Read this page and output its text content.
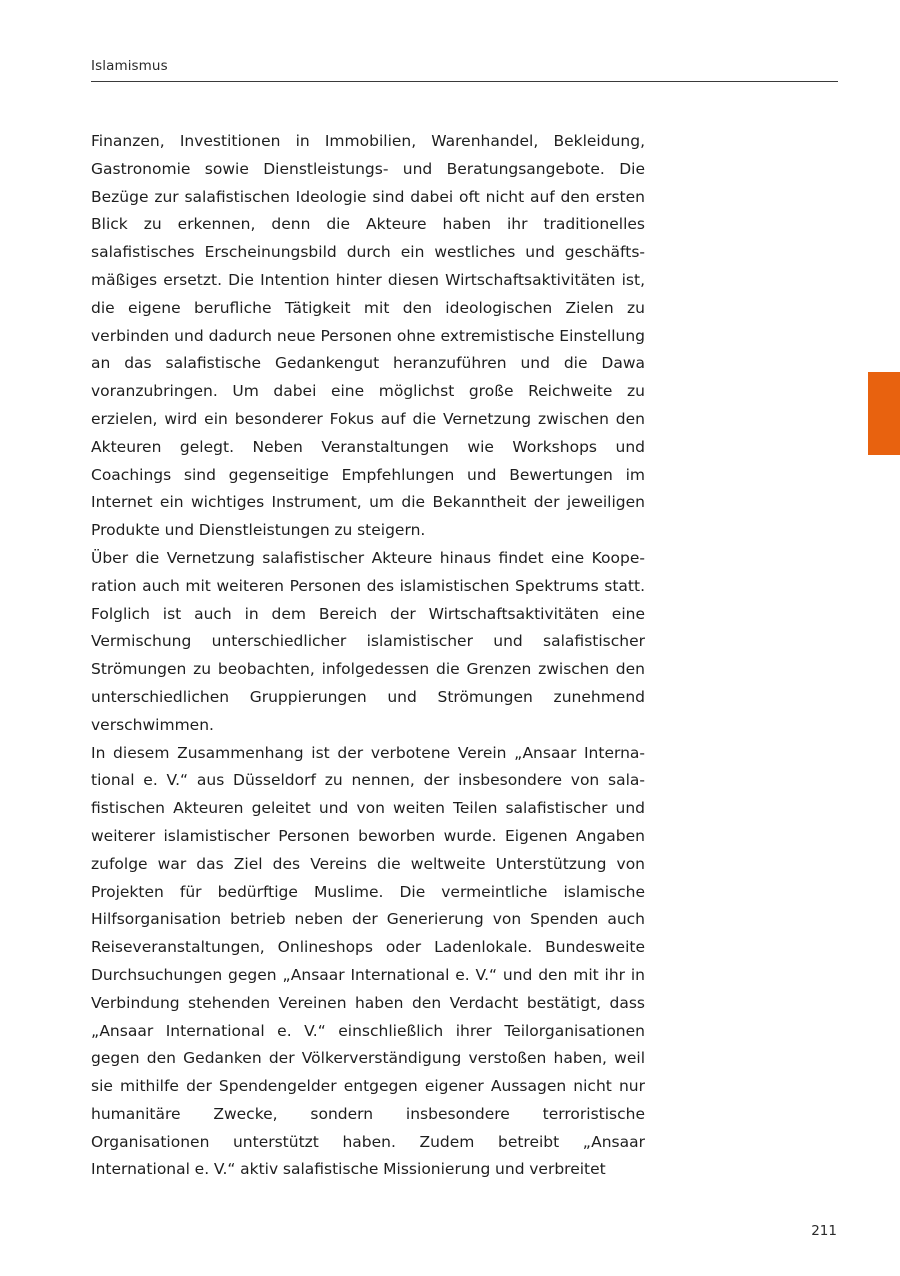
Islamismus

Finanzen, Investitionen in Immobilien, Warenhandel, Bekleidung, Gastronomie sowie Dienstleistungs- und Beratungsangebote. Die Bezüge zur salafistischen Ideologie sind dabei oft nicht auf den ersten Blick zu erkennen, denn die Akteure haben ihr traditionelles salafistisches Erscheinungsbild durch ein westliches und geschäftsmäßiges ersetzt. Die Intention hinter diesen Wirtschaftsaktivitäten ist, die eigene berufliche Tätigkeit mit den ideologischen Zielen zu verbinden und dadurch neue Personen ohne extremistische Einstellung an das salafistische Gedankengut heranzuführen und die Dawa voranzubringen. Um dabei eine möglichst große Reichweite zu erzielen, wird ein besonderer Fokus auf die Vernetzung zwischen den Akteuren gelegt. Neben Veranstaltungen wie Workshops und Coachings sind gegenseitige Empfehlungen und Bewertungen im Internet ein wichtiges Instrument, um die Bekanntheit der jeweiligen Produkte und Dienstleistungen zu steigern.

Über die Vernetzung salafistischer Akteure hinaus findet eine Kooperation auch mit weiteren Personen des islamistischen Spektrums statt. Folglich ist auch in dem Bereich der Wirtschaftsaktivitäten eine Vermischung unterschiedlicher islamistischer und salafistischer Strömungen zu beobachten, infolgedessen die Grenzen zwischen den unterschiedlichen Gruppierungen und Strömungen zunehmend verschwimmen.

In diesem Zusammenhang ist der verbotene Verein „Ansaar International e. V.“ aus Düsseldorf zu nennen, der insbesondere von salafistischen Akteuren geleitet und von weiten Teilen salafistischer und weiterer islamistischer Personen beworben wurde. Eigenen Angaben zufolge war das Ziel des Vereins die weltweite Unterstützung von Projekten für bedürftige Muslime. Die vermeintliche islamische Hilfsorganisation betrieb neben der Generierung von Spenden auch Reiseveranstaltungen, Onlineshops oder Ladenlokale. Bundesweite Durchsuchungen gegen „Ansaar International e. V.“ und den mit ihr in Verbindung stehenden Vereinen haben den Verdacht bestätigt, dass „Ansaar International e. V.“ einschließlich ihrer Teilorganisationen gegen den Gedanken der Völkerverständigung verstoßen haben, weil sie mithilfe der Spendengelder entgegen eigener Aussagen nicht nur humanitäre Zwecke, sondern insbesondere terroristische Organisationen unterstützt haben. Zudem betreibt „Ansaar International e. V.“ aktiv salafistische Missionierung und verbreitet

211
